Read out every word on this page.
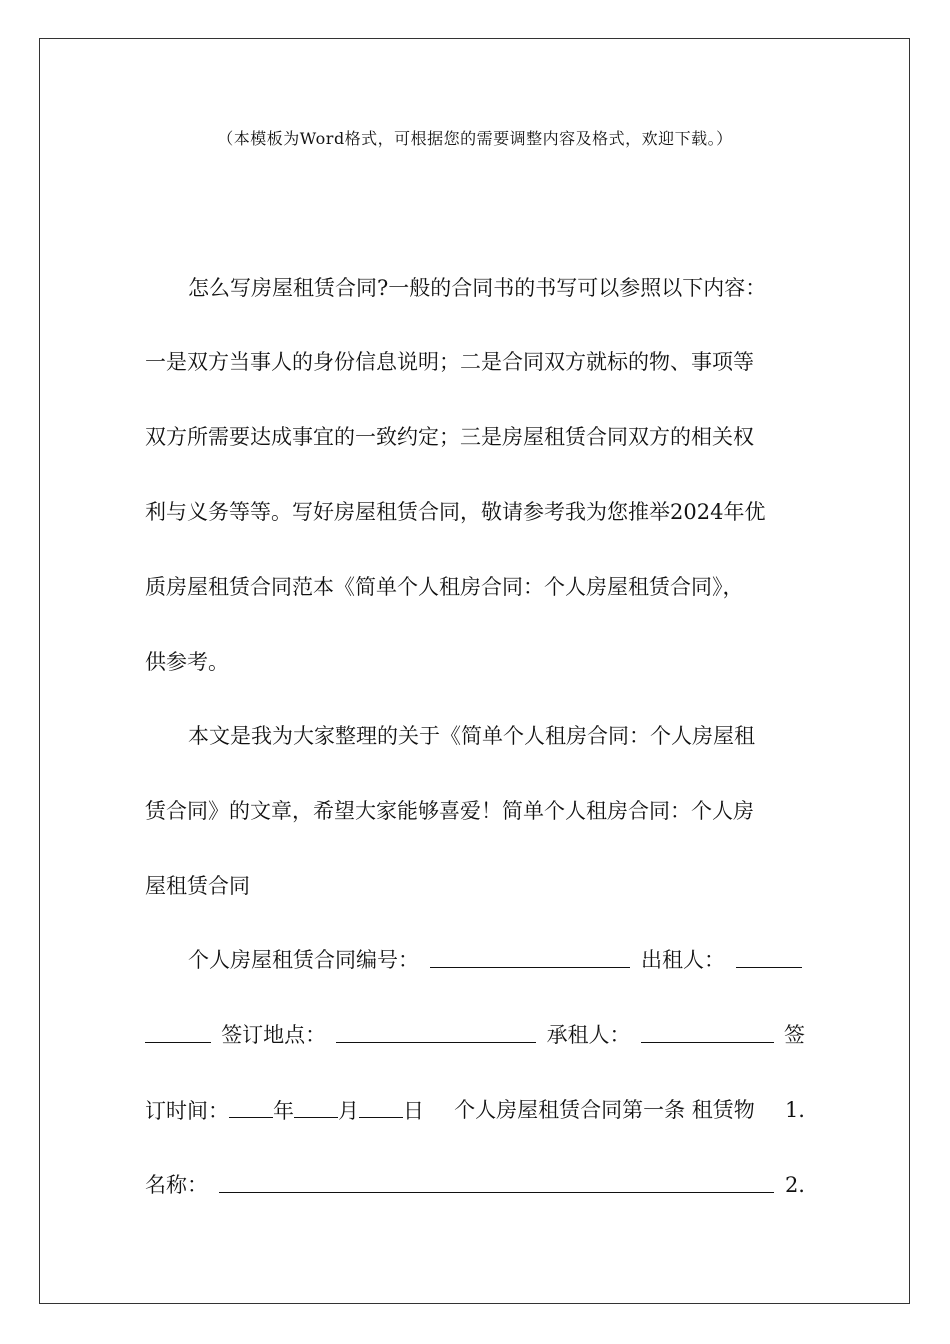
（本模板为Word格式，可根据您的需要调整内容及格式，欢迎下载。）
怎么写房屋租赁合同?一般的合同书的书写可以参照以下内容：
一是双方当事人的身份信息说明；二是合同双方就标的物、事项等
双方所需要达成事宜的一致约定；三是房屋租赁合同双方的相关权
利与义务等等。写好房屋租赁合同，敬请参考我为您推举2024年优
质房屋租赁合同范本《简单个人租房合同：个人房屋租赁合同》，
供参考。
本文是我为大家整理的关于《简单个人租房合同：个人房屋租
赁合同》的文章，希望大家能够喜爱！简单个人租房合同：个人房
屋租赁合同
个人房屋租赁合同编号：	出租人：
签订地点：	承租人：	签
订时间： 年 月 日 个人房屋租赁合同第一条 租赁物 1.
名称：	2.
